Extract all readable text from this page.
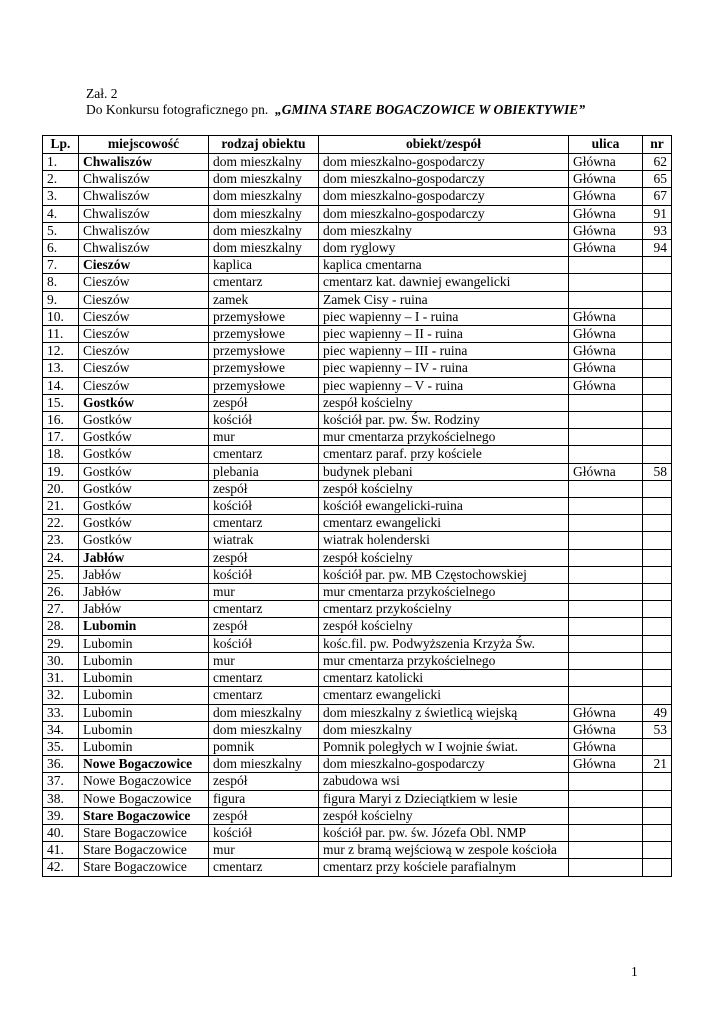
Zał. 2
Do Konkursu fotograficznego pn. „GMINA STARE BOGACZOWICE W OBIEKTYWIE”
Lp.	miejscowość	rodzaj obiektu	obiekt/zespół	ulica	nr
1.	Chwaliszów	dom mieszkalny	dom mieszkalno-gospodarczy	Główna	62
2.	Chwaliszów	dom mieszkalny	dom mieszkalno-gospodarczy	Główna	65
3.	Chwaliszów	dom mieszkalny	dom mieszkalno-gospodarczy	Główna	67
4.	Chwaliszów	dom mieszkalny	dom mieszkalno-gospodarczy	Główna	91
5.	Chwaliszów	dom mieszkalny	dom mieszkalny	Główna	93
6.	Chwaliszów	dom mieszkalny	dom ryglowy	Główna	94
7.	Cieszów	kaplica	kaplica cmentarna		
8.	Cieszów	cmentarz	cmentarz kat. dawniej ewangelicki		
9.	Cieszów	zamek	Zamek Cisy - ruina		
10.	Cieszów	przemysłowe	piec wapienny – I - ruina	Główna	
11.	Cieszów	przemysłowe	piec wapienny – II - ruina	Główna	
12.	Cieszów	przemysłowe	piec wapienny – III - ruina	Główna	
13.	Cieszów	przemysłowe	piec wapienny – IV - ruina	Główna	
14.	Cieszów	przemysłowe	piec wapienny – V - ruina	Główna	
15.	Gostków	zespół	zespół kościelny		
16.	Gostków	kościół	kościół par. pw. Św. Rodziny		
17.	Gostków	mur	mur cmentarza przykościelnego		
18.	Gostków	cmentarz	cmentarz paraf. przy kościele		
19.	Gostków	plebania	budynek plebani	Główna	58
20.	Gostków	zespół	zespół kościelny		
21.	Gostków	kościół	kościół ewangelicki-ruina		
22.	Gostków	cmentarz	cmentarz ewangelicki		
23.	Gostków	wiatrak	wiatrak holenderski		
24.	Jabłów	zespół	zespół kościelny		
25.	Jabłów	kościół	kościół par. pw. MB Częstochowskiej		
26.	Jabłów	mur	mur cmentarza przykościelnego		
27.	Jabłów	cmentarz	cmentarz przykościelny		
28.	Lubomin	zespół	zespół kościelny		
29.	Lubomin	kościół	kośc.fil. pw. Podwyższenia Krzyża Św.		
30.	Lubomin	mur	mur cmentarza przykościelnego		
31.	Lubomin	cmentarz	cmentarz katolicki		
32.	Lubomin	cmentarz	cmentarz ewangelicki		
33.	Lubomin	dom mieszkalny	dom mieszkalny z świetlicą wiejską	Główna	49
34.	Lubomin	dom mieszkalny	dom mieszkalny	Główna	53
35.	Lubomin	pomnik	Pomnik poległych w I wojnie świat.	Główna	
36.	Nowe Bogaczowice	dom mieszkalny	dom mieszkalno-gospodarczy	Główna	21
37.	Nowe Bogaczowice	zespół	zabudowa wsi		
38.	Nowe Bogaczowice	figura	figura Maryi z Dzieciątkiem w lesie		
39.	Stare Bogaczowice	zespół	zespół kościelny		
40.	Stare Bogaczowice	kościół	kościół par. pw. św. Józefa Obl. NMP		
41.	Stare Bogaczowice	mur	mur z bramą wejściową w zespole kościoła		
42.	Stare Bogaczowice	cmentarz	cmentarz przy kościele parafialnym		
1
